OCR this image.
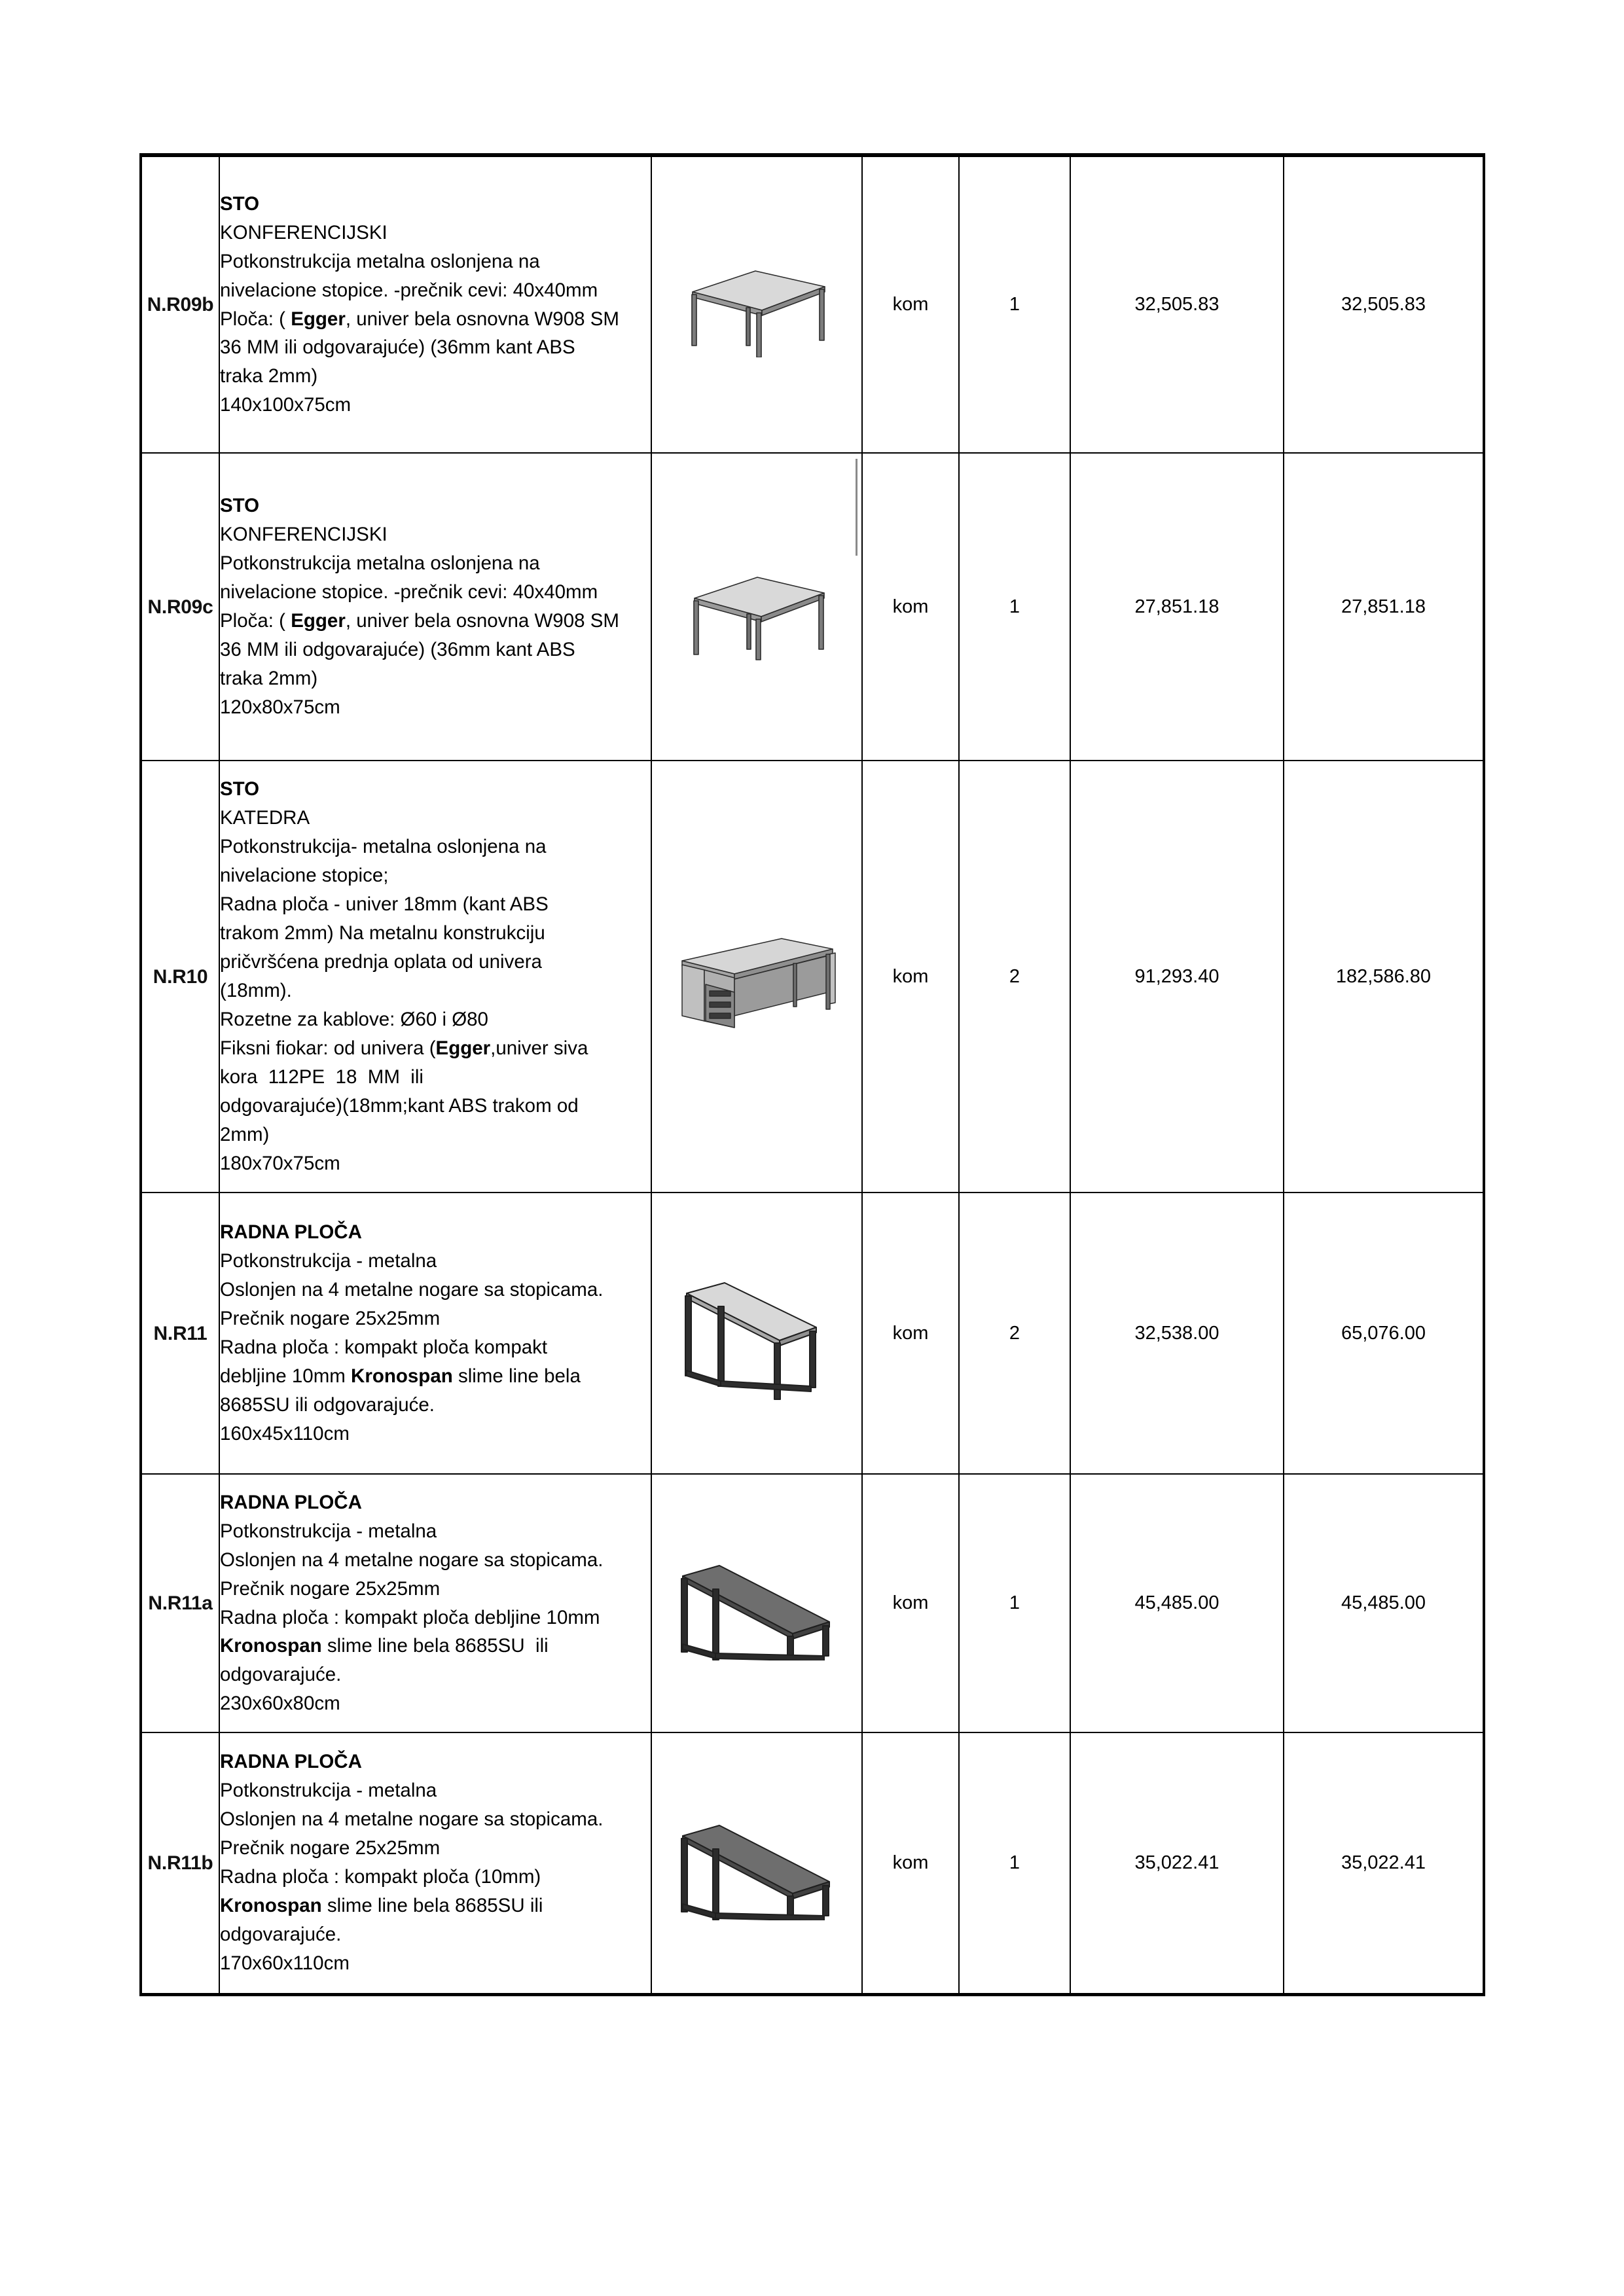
N.R09b	
STO
KONFERENCIJSKI
Potkonstrukcija metalna oslonjena na
nivelacione stopice. -prečnik cevi: 40x40mm
Ploča: ( Egger, univer bela osnovna W908 SM
36 MM ili odgovarajuće) (36mm kant ABS
traka 2mm)
140x100x75cm

	kom	1	32,505.83	32,505.83
N.R09c	
STO
KONFERENCIJSKI
Potkonstrukcija metalna oslonjena na
nivelacione stopice. -prečnik cevi: 40x40mm
Ploča: ( Egger, univer bela osnovna W908 SM
36 MM ili odgovarajuće) (36mm kant ABS
traka 2mm)
120x80x75cm

	kom	1	27,851.18	27,851.18
N.R10	
STO
KATEDRA
Potkonstrukcija- metalna oslonjena na
nivelacione stopice;
Radna ploča - univer 18mm (kant ABS
trakom 2mm) Na metalnu konstrukciju
pričvršćena prednja oplata od univera
(18mm).
Rozetne za kablove: Ø60 i Ø80
Fiksni fiokar: od univera (Egger,univer siva
kora  112PE  18  MM  ili
odgovarajuće)(18mm;kant ABS trakom od
2mm)
180x70x75cm

	kom	2	91,293.40	182,586.80
N.R11	
RADNA PLOČA
Potkonstrukcija - metalna
Oslonjen na 4 metalne nogare sa stopicama.
Prečnik nogare 25x25mm
Radna ploča : kompakt ploča kompakt
debljine 10mm Kronospan slime line bela
8685SU ili odgovarajuće.
160x45x110cm

	kom	2	32,538.00	65,076.00
N.R11a	
RADNA PLOČA
Potkonstrukcija - metalna
Oslonjen na 4 metalne nogare sa stopicama.
Prečnik nogare 25x25mm
Radna ploča : kompakt ploča debljine 10mm
Kronospan slime line bela 8685SU  ili
odgovarajuće.
230x60x80cm

	kom	1	45,485.00	45,485.00
N.R11b	
RADNA PLOČA
Potkonstrukcija - metalna
Oslonjen na 4 metalne nogare sa stopicama.
Prečnik nogare 25x25mm
Radna ploča : kompakt ploča (10mm)
Kronospan slime line bela 8685SU ili
odgovarajuće.
170x60x110cm

	kom	1	35,022.41	35,022.41
